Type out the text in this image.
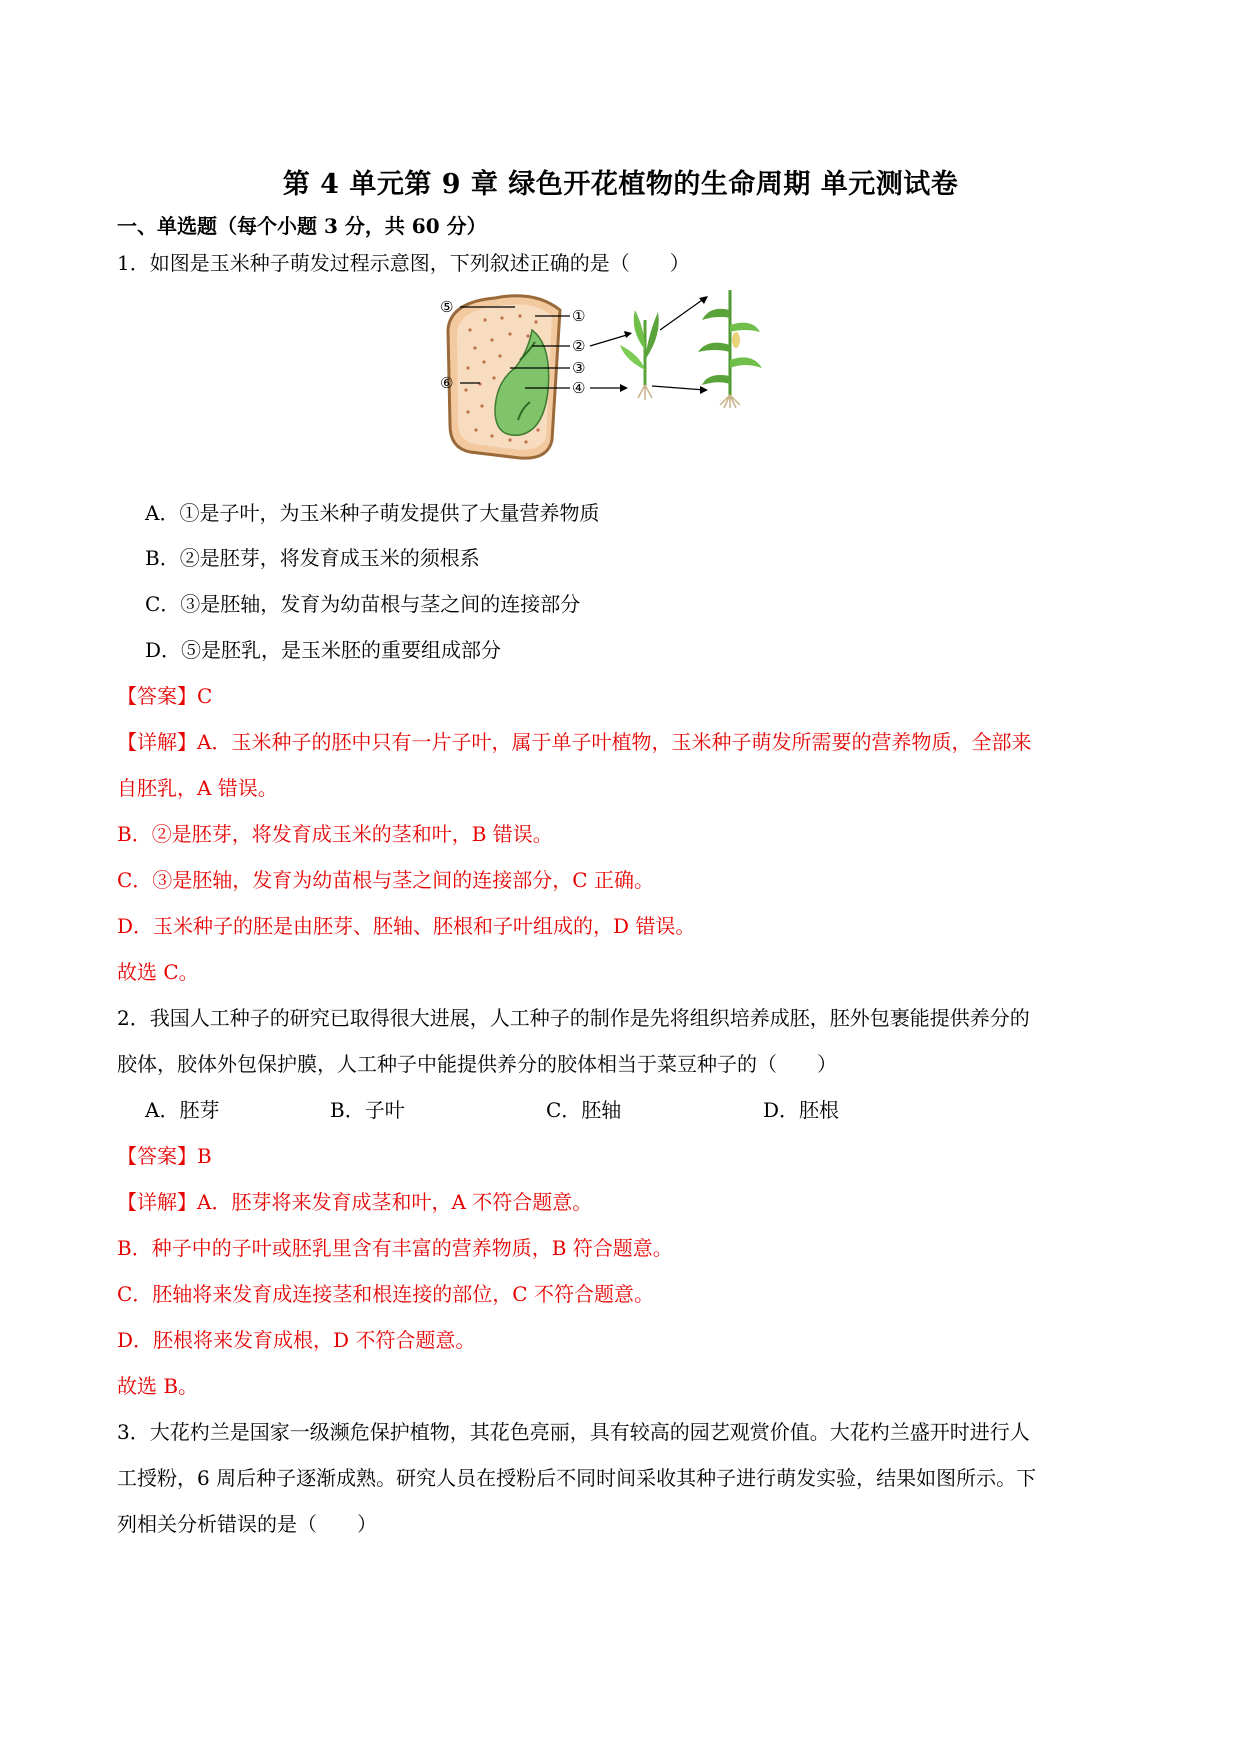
第 4 单元第 9 章 绿色开花植物的生命周期 单元测试卷
一、单选题（每个小题 3 分，共 60 分）
1．如图是玉米种子萌发过程示意图，下列叙述正确的是（　　）
⑤
⑥
①
②
③
④
A．①是子叶，为玉米种子萌发提供了大量营养物质
B．②是胚芽，将发育成玉米的须根系
C．③是胚轴，发育为幼苗根与茎之间的连接部分
D．⑤是胚乳，是玉米胚的重要组成部分
【答案】C
【详解】A．玉米种子的胚中只有一片子叶，属于单子叶植物，玉米种子萌发所需要的营养物质，全部来
自胚乳，A 错误。
B．②是胚芽，将发育成玉米的茎和叶，B 错误。
C．③是胚轴，发育为幼苗根与茎之间的连接部分，C 正确。
D．玉米种子的胚是由胚芽、胚轴、胚根和子叶组成的，D 错误。
故选 C。
2．我国人工种子的研究已取得很大进展，人工种子的制作是先将组织培养成胚，胚外包裹能提供养分的
胶体，胶体外包保护膜，人工种子中能提供养分的胶体相当于菜豆种子的（　　）
A．胚芽	B．子叶	C．胚轴	D．胚根
【答案】B
【详解】A．胚芽将来发育成茎和叶，A 不符合题意。
B．种子中的子叶或胚乳里含有丰富的营养物质，B 符合题意。
C．胚轴将来发育成连接茎和根连接的部位，C 不符合题意。
D．胚根将来发育成根，D 不符合题意。
故选 B。
3．大花杓兰是国家一级濒危保护植物，其花色亮丽，具有较高的园艺观赏价值。大花杓兰盛开时进行人
工授粉，6 周后种子逐渐成熟。研究人员在授粉后不同时间采收其种子进行萌发实验，结果如图所示。下
列相关分析错误的是（　　）
